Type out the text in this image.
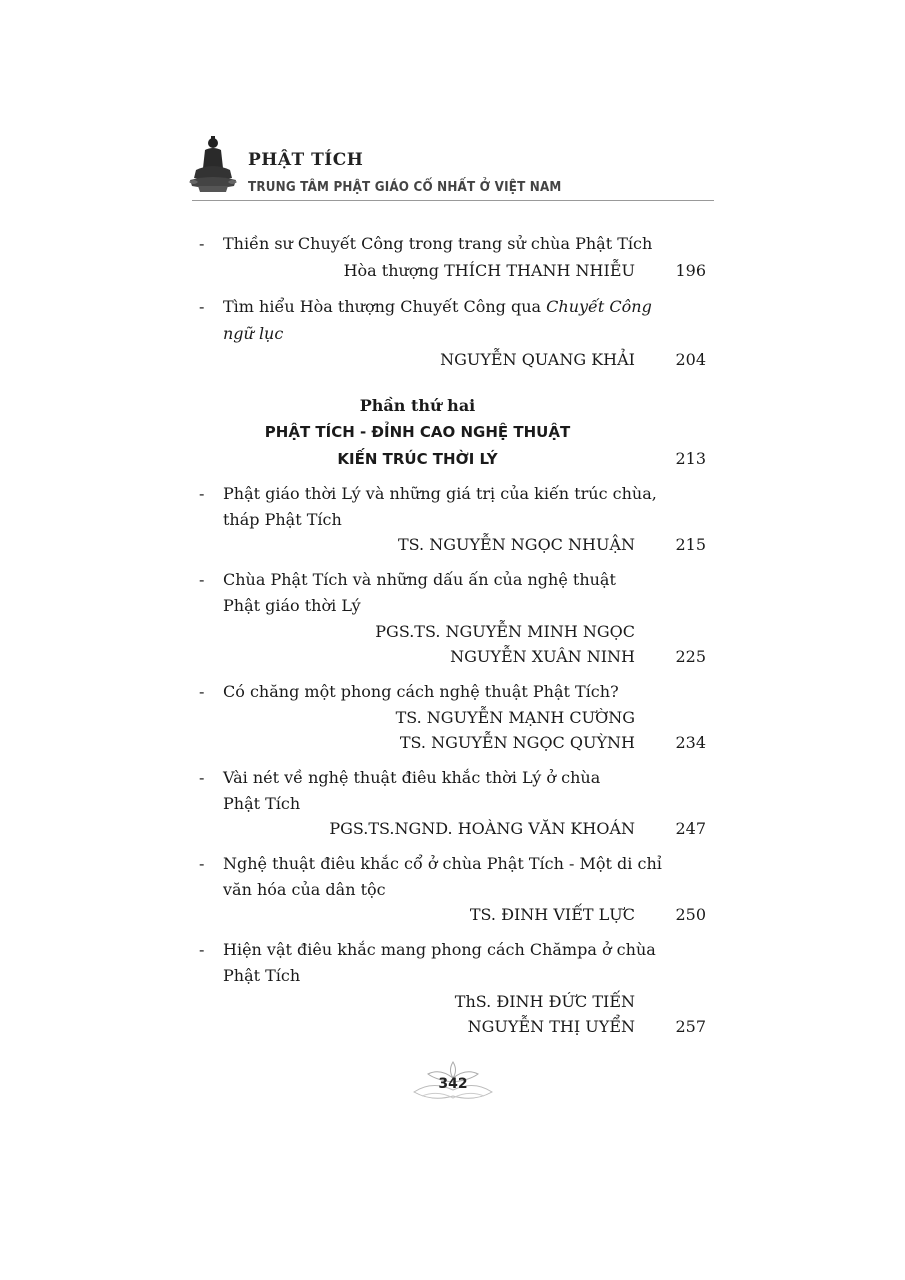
PHẬT TÍCH
TRUNG TÂM PHẬT GIÁO CỔ NHẤT Ở VIỆT NAM
- Thiền sư Chuyết Công trong trang sử chùa Phật Tích
Hòa thượng THÍCH THANH NHIỄU	196
- Tìm hiểu Hòa thượng Chuyết Công qua Chuyết Công
ngữ lục
NGUYỄN QUANG KHẢI	204
Phần thứ hai
PHẬT TÍCH - ĐỈNH CAO NGHỆ THUẬT
KIẾN TRÚC THỜI LÝ	213
- Phật giáo thời Lý và những giá trị của kiến trúc chùa,
tháp Phật Tích
TS. NGUYỄN NGỌC NHUẬN	215
- Chùa Phật Tích và những dấu ấn của nghệ thuật
Phật giáo thời Lý
PGS.TS. NGUYỄN MINH NGỌC
NGUYỄN XUÂN NINH	225
- Có chăng một phong cách nghệ thuật Phật Tích?
TS. NGUYỄN MẠNH CƯỜNG
TS. NGUYỄN NGỌC QUỲNH	234
- Vài nét về nghệ thuật điêu khắc thời Lý ở chùa
Phật Tích
PGS.TS.NGND. HOÀNG VĂN KHOÁN	247
- Nghệ thuật điêu khắc cổ ở chùa Phật Tích - Một di chỉ
văn hóa của dân tộc
TS. ĐINH VIẾT LỰC	250
- Hiện vật điêu khắc mang phong cách Chămpa ở chùa
Phật Tích
ThS. ĐINH ĐỨC TIẾN
NGUYỄN THỊ UYỂN	257
342
